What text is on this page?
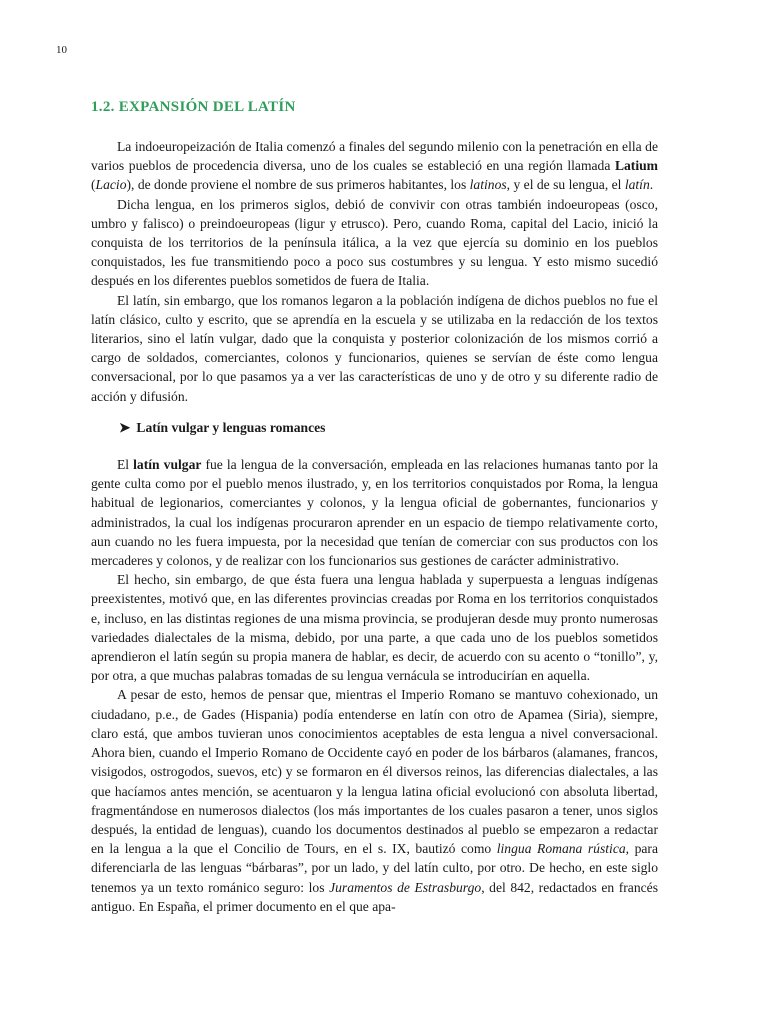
10
1.2. EXPANSIÓN DEL LATÍN

La indoeuropeización de Italia comenzó a finales del segundo milenio con la penetración en ella de varios pueblos de procedencia diversa, uno de los cuales se estableció en una región llamada Latium (Lacio), de donde proviene el nombre de sus primeros habitantes, los latinos, y el de su lengua, el latín.

Dicha lengua, en los primeros siglos, debió de convivir con otras también indoeuropeas (osco, umbro y falisco) o preindoeuropeas (ligur y etrusco). Pero, cuando Roma, capital del Lacio, inició la conquista de los territorios de la península itálica, a la vez que ejercía su dominio en los pueblos conquistados, les fue transmitiendo poco a poco sus costumbres y su lengua. Y esto mismo sucedió después en los diferentes pueblos sometidos de fuera de Italia.

El latín, sin embargo, que los romanos legaron a la población indígena de dichos pueblos no fue el latín clásico, culto y escrito, que se aprendía en la escuela y se utilizaba en la redacción de los textos literarios, sino el latín vulgar, dado que la conquista y posterior colonización de los mismos corrió a cargo de soldados, comerciantes, colonos y funcionarios, quienes se servían de éste como lengua conversacional, por lo que pasamos ya a ver las características de uno y de otro y su diferente radio de acción y difusión.

➤ Latín vulgar y lenguas romances

El latín vulgar fue la lengua de la conversación, empleada en las relaciones humanas tanto por la gente culta como por el pueblo menos ilustrado, y, en los territorios conquistados por Roma, la lengua habitual de legionarios, comerciantes y colonos, y la lengua oficial de gobernantes, funcionarios y administrados, la cual los indígenas procuraron aprender en un espacio de tiempo relativamente corto, aun cuando no les fuera impuesta, por la necesidad que tenían de comerciar con sus productos con los mercaderes y colonos, y de realizar con los funcionarios sus gestiones de carácter administrativo.

El hecho, sin embargo, de que ésta fuera una lengua hablada y superpuesta a lenguas indígenas preexistentes, motivó que, en las diferentes provincias creadas por Roma en los territorios conquistados e, incluso, en las distintas regiones de una misma provincia, se produjeran desde muy pronto numerosas variedades dialectales de la misma, debido, por una parte, a que cada uno de los pueblos sometidos aprendieron el latín según su propia manera de hablar, es decir, de acuerdo con su acento o “tonillo”, y, por otra, a que muchas palabras tomadas de su lengua vernácula se introducirían en aquella.

A pesar de esto, hemos de pensar que, mientras el Imperio Romano se mantuvo cohexionado, un ciudadano, p.e., de Gades (Hispania) podía entenderse en latín con otro de Apamea (Siria), siempre, claro está, que ambos tuvieran unos conocimientos aceptables de esta lengua a nivel conversacional. Ahora bien, cuando el Imperio Romano de Occidente cayó en poder de los bárbaros (alamanes, francos, visigodos, ostrogodos, suevos, etc) y se formaron en él diversos reinos, las diferencias dialectales, a las que hacíamos antes mención, se acentuaron y la lengua latina oficial evolucionó con absoluta libertad, fragmentándose en numerosos dialectos (los más importantes de los cuales pasaron a tener, unos siglos después, la entidad de lenguas), cuando los documentos destinados al pueblo se empezaron a redactar en la lengua a la que el Concilio de Tours, en el s. IX, bautizó como lingua Romana rústica, para diferenciarla de las lenguas “bárbaras”, por un lado, y del latín culto, por otro. De hecho, en este siglo tenemos ya un texto románico seguro: los Juramentos de Estrasburgo, del 842, redactados en francés antiguo. En España, el primer documento en el que apa-
